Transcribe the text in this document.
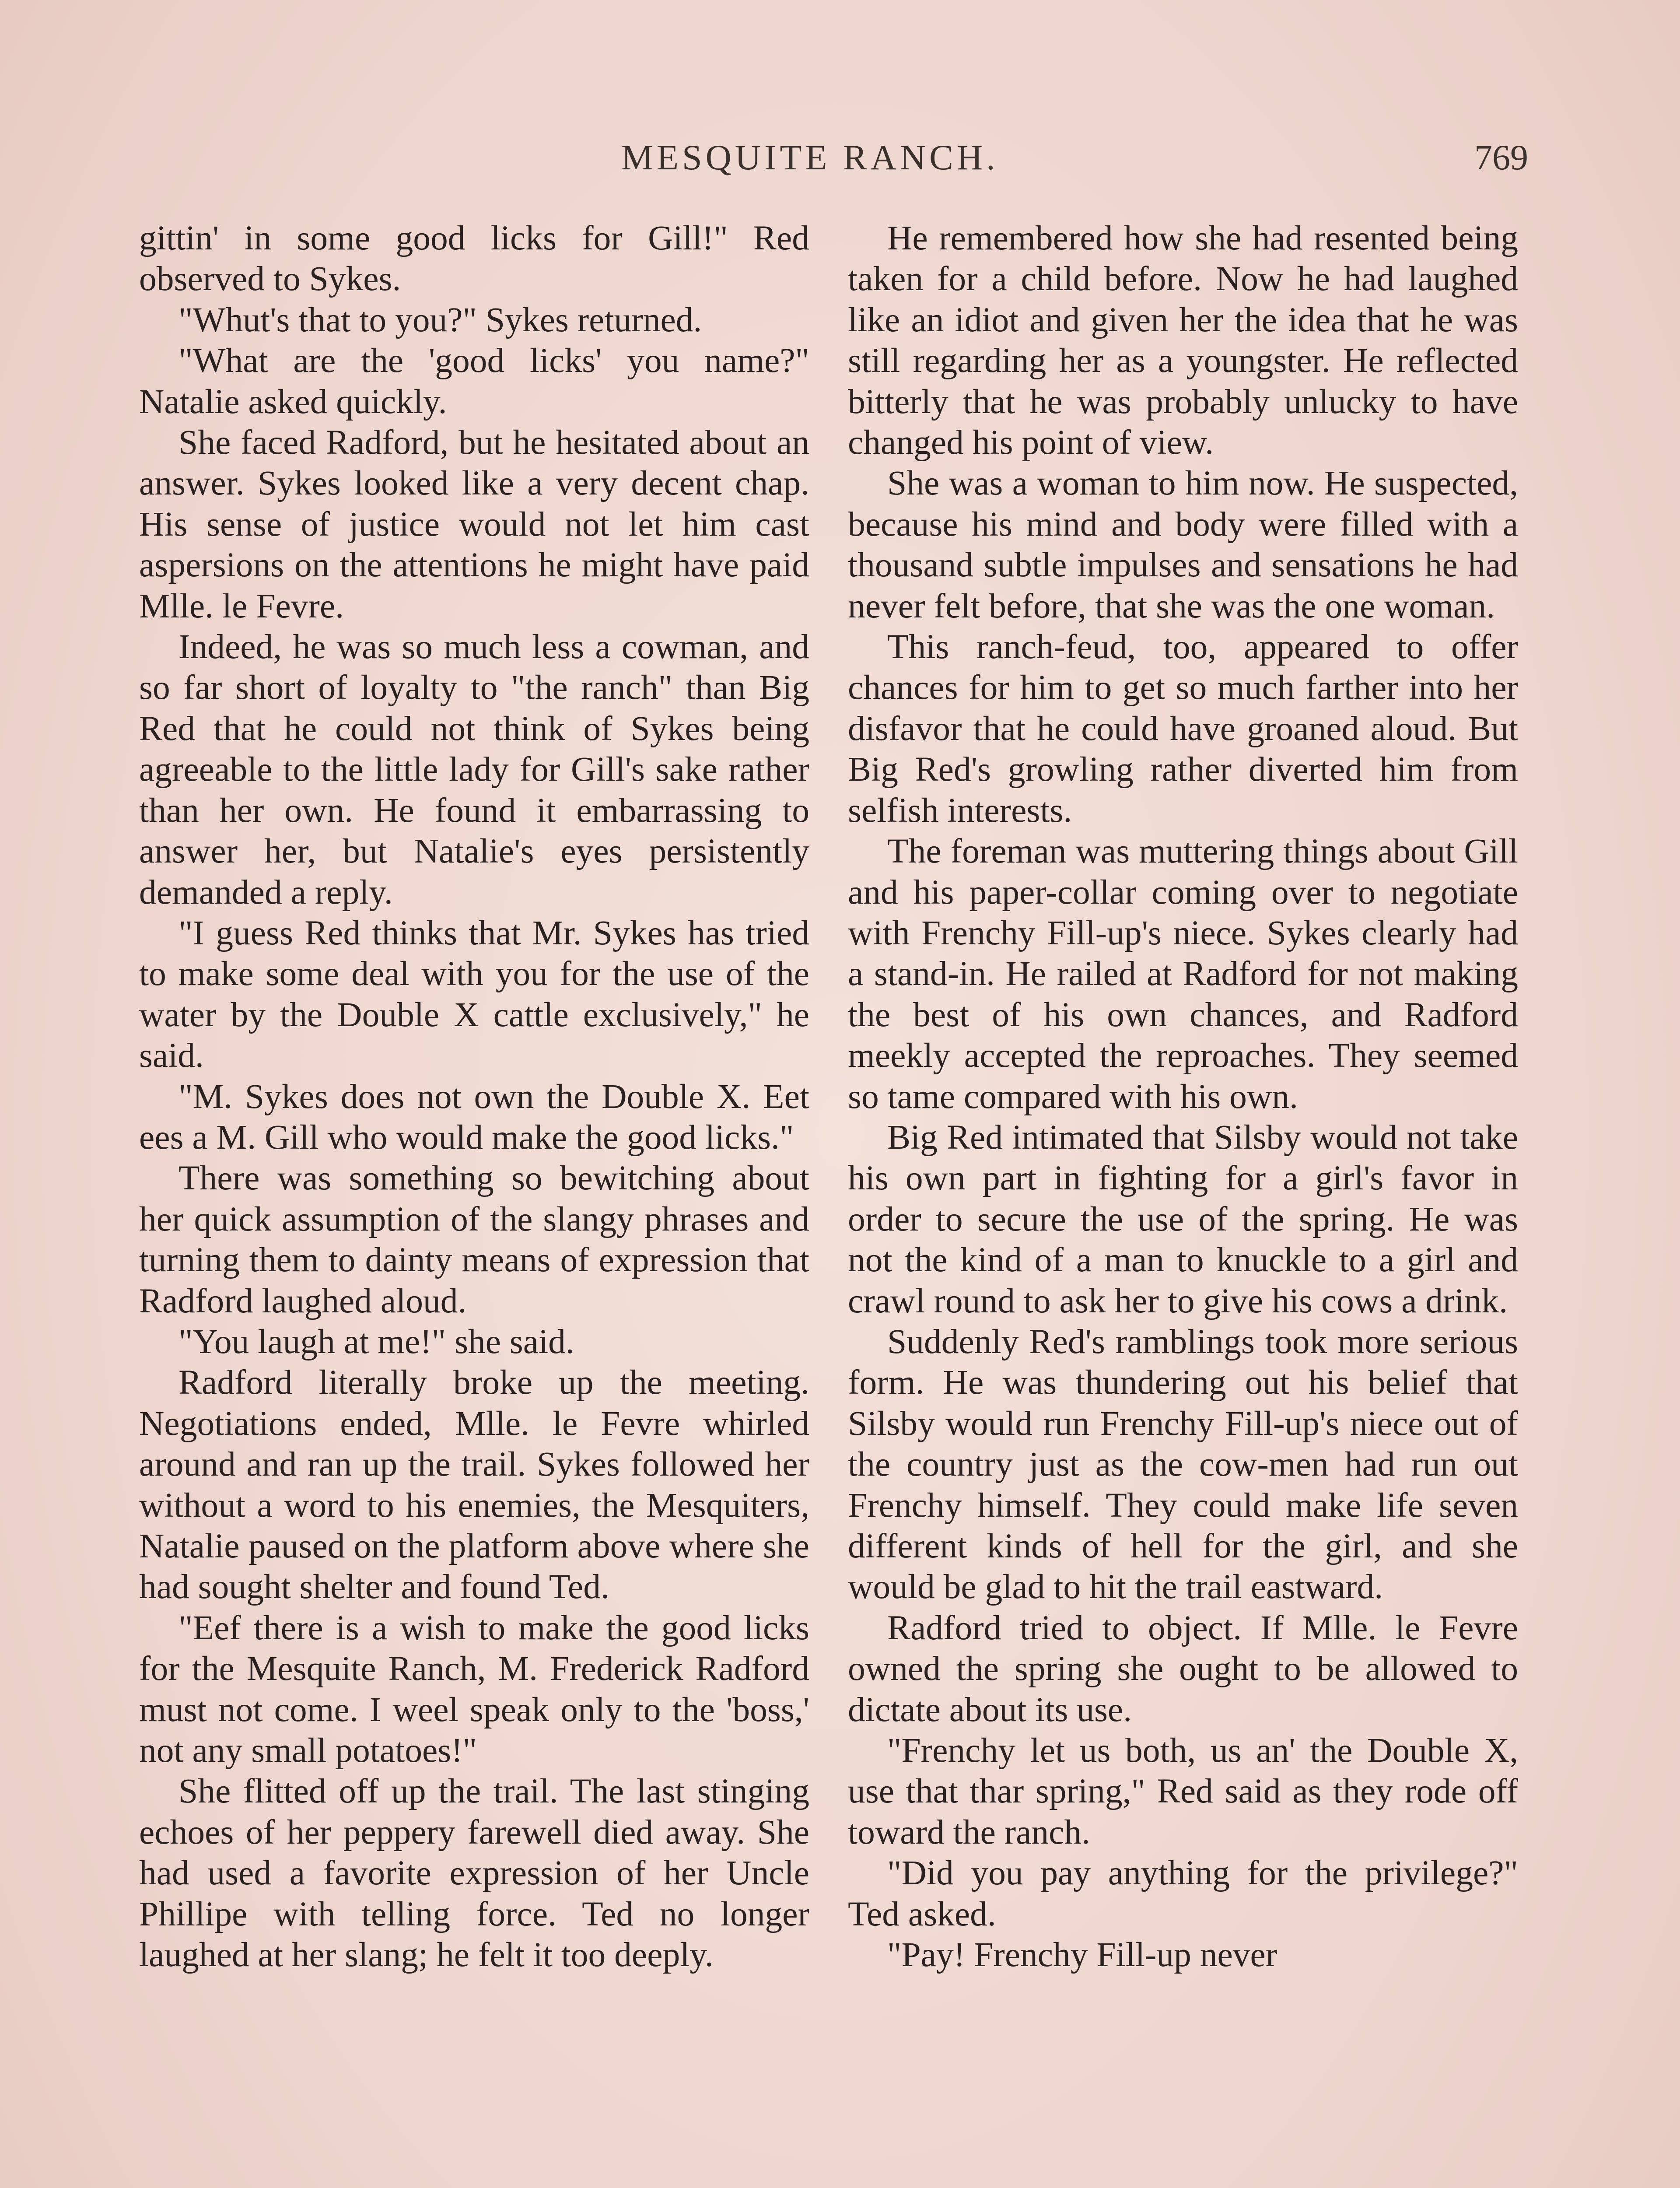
MESQUITE RANCH.	769

gittin' in some good licks for Gill!" Red observed to Sykes.

"Whut's that to you?" Sykes returned.

"What are the 'good licks' you name?" Natalie asked quickly.

She faced Radford, but he hesitated about an answer. Sykes looked like a very decent chap. His sense of justice would not let him cast aspersions on the attentions he might have paid Mlle. le Fevre.

Indeed, he was so much less a cowman, and so far short of loyalty to "the ranch" than Big Red that he could not think of Sykes being agreeable to the little lady for Gill's sake rather than her own. He found it embarrassing to answer her, but Natalie's eyes persistently demanded a reply.

"I guess Red thinks that Mr. Sykes has tried to make some deal with you for the use of the water by the Double X cattle exclusively," he said.

"M. Sykes does not own the Double X. Eet ees a M. Gill who would make the good licks."

There was something so bewitching about her quick assumption of the slangy phrases and turning them to dainty means of expression that Radford laughed aloud.

"You laugh at me!" she said.

Radford literally broke up the meeting. Negotiations ended, Mlle. le Fevre whirled around and ran up the trail. Sykes followed her without a word to his enemies, the Mesquiters, Natalie paused on the platform above where she had sought shelter and found Ted.

"Eef there is a wish to make the good licks for the Mesquite Ranch, M. Frederick Radford must not come. I weel speak only to the 'boss,' not any small potatoes!"

She flitted off up the trail. The last stinging echoes of her peppery farewell died away. She had used a favorite expression of her Uncle Phillipe with telling force. Ted no longer laughed at her slang; he felt it too deeply.

He remembered how she had resented being taken for a child before. Now he had laughed like an idiot and given her the idea that he was still regarding her as a youngster. He reflected bitterly that he was probably unlucky to have changed his point of view.

She was a woman to him now. He suspected, because his mind and body were filled with a thousand subtle impulses and sensations he had never felt before, that she was the one woman.

This ranch-feud, too, appeared to offer chances for him to get so much farther into her disfavor that he could have groaned aloud. But Big Red's growling rather diverted him from selfish interests.

The foreman was muttering things about Gill and his paper-collar coming over to negotiate with Frenchy Fill-up's niece. Sykes clearly had a stand-in. He railed at Radford for not making the best of his own chances, and Radford meekly accepted the reproaches. They seemed so tame compared with his own.

Big Red intimated that Silsby would not take his own part in fighting for a girl's favor in order to secure the use of the spring. He was not the kind of a man to knuckle to a girl and crawl round to ask her to give his cows a drink.

Suddenly Red's ramblings took more serious form. He was thundering out his belief that Silsby would run Frenchy Fill-up's niece out of the country just as the cow-men had run out Frenchy himself. They could make life seven different kinds of hell for the girl, and she would be glad to hit the trail eastward.

Radford tried to object. If Mlle. le Fevre owned the spring she ought to be allowed to dictate about its use.

"Frenchy let us both, us an' the Double X, use that thar spring," Red said as they rode off toward the ranch.

"Did you pay anything for the privilege?" Ted asked.

"Pay! Frenchy Fill-up never
